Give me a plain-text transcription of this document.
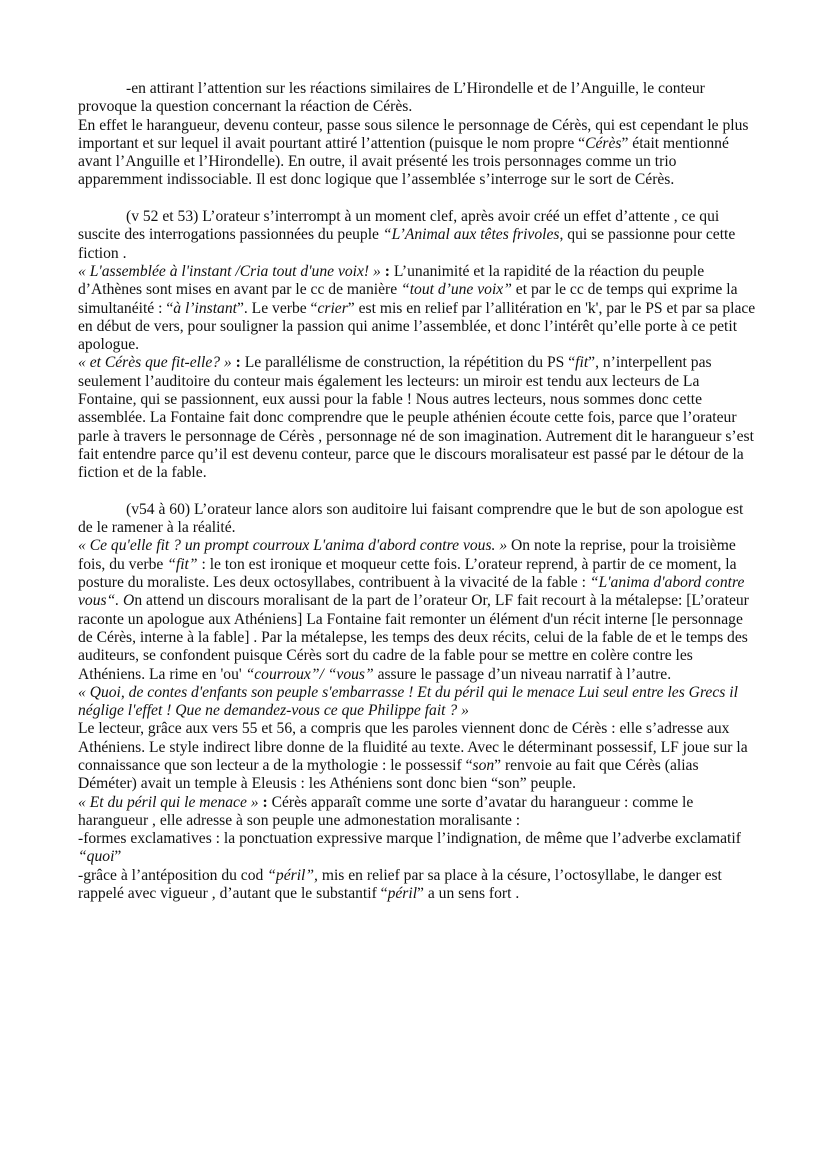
-en attirant l’attention sur les réactions similaires de L’Hirondelle et de l’Anguille, le conteur provoque la question concernant la réaction de Cérès.

En effet le harangueur, devenu conteur, passe sous silence le personnage de Cérès, qui est cependant le plus important et sur lequel il avait pourtant attiré l’attention (puisque le nom propre “Cérès” était mentionné avant l’Anguille et l’Hirondelle). En outre, il avait présenté les trois personnages comme un trio apparemment indissociable. Il est donc logique que l’assemblée s’interroge sur le sort de Cérès.

(v 52 et 53) L’orateur s’interrompt à un moment clef, après avoir créé un effet d’attente , ce qui suscite des interrogations passionnées du peuple “L’Animal aux têtes frivoles, qui se passionne pour cette fiction .

« L'assemblée à l'instant /Cria tout d'une voix! » : L’unanimité et la rapidité de la réaction du peuple d’Athènes sont mises en avant par le cc de manière “tout d’une voix” et par le cc de temps qui exprime la simultanéité : “à l’instant”. Le verbe “crier” est mis en relief par l’allitération en 'k', par le PS et par sa place en début de vers, pour souligner la passion qui anime l’assemblée, et donc l’intérêt qu’elle porte à ce petit apologue.

« et Cérès que fit-elle? » : Le parallélisme de construction, la répétition du PS “fit”, n’interpellent pas seulement l’auditoire du conteur mais également les lecteurs: un miroir est tendu aux lecteurs de La Fontaine, qui se passionnent, eux aussi pour la fable ! Nous autres lecteurs, nous sommes donc cette assemblée. La Fontaine fait donc comprendre que le peuple athénien écoute cette fois, parce que l’orateur parle à travers le personnage de Cérès , personnage né de son imagination. Autrement dit le harangueur s’est fait entendre parce qu’il est devenu conteur, parce que le discours moralisateur est passé par le détour de la fiction et de la fable.

(v54 à 60) L’orateur lance alors son auditoire lui faisant comprendre que le but de son apologue est de le ramener à la réalité.

« Ce qu'elle fit ? un prompt courroux L'anima d'abord contre vous. » On note la reprise, pour la troisième fois, du verbe “fit” : le ton est ironique et moqueur cette fois. L’orateur reprend, à partir de ce moment, la posture du moraliste. Les deux octosyllabes, contribuent à la vivacité de la fable : “L'anima d'abord contre vous“. On attend un discours moralisant de la part de l’orateur Or, LF fait recourt à la métalepse: [L’orateur raconte un apologue aux Athéniens] La Fontaine fait remonter un élément d'un récit interne [le personnage de Cérès, interne à la fable] . Par la métalepse, les temps des deux récits, celui de la fable de et le temps des auditeurs, se confondent puisque Cérès sort du cadre de la fable pour se mettre en colère contre les Athéniens. La rime en 'ou' “courroux”/ “vous” assure le passage d’un niveau narratif à l’autre.

« Quoi, de contes d'enfants son peuple s'embarrasse ! Et du péril qui le menace Lui seul entre les Grecs il néglige l'effet ! Que ne demandez-vous ce que Philippe fait ? »

Le lecteur, grâce aux vers 55 et 56, a compris que les paroles viennent donc de Cérès : elle s’adresse aux Athéniens. Le style indirect libre donne de la fluidité au texte. Avec le déterminant possessif, LF joue sur la connaissance que son lecteur a de la mythologie : le possessif “son” renvoie au fait que Cérès (alias Déméter) avait un temple à Eleusis : les Athéniens sont donc bien “son” peuple.

« Et du péril qui le menace » : Cérès apparaît comme une sorte d’avatar du harangueur : comme le harangueur , elle adresse à son peuple une admonestation moralisante :

-formes exclamatives : la ponctuation expressive marque l’indignation, de même que l’adverbe exclamatif “quoi”

-grâce à l’antéposition du cod “péril”, mis en relief par sa place à la césure, l’octosyllabe, le danger est rappelé avec vigueur , d’autant que le substantif “péril” a un sens fort .
